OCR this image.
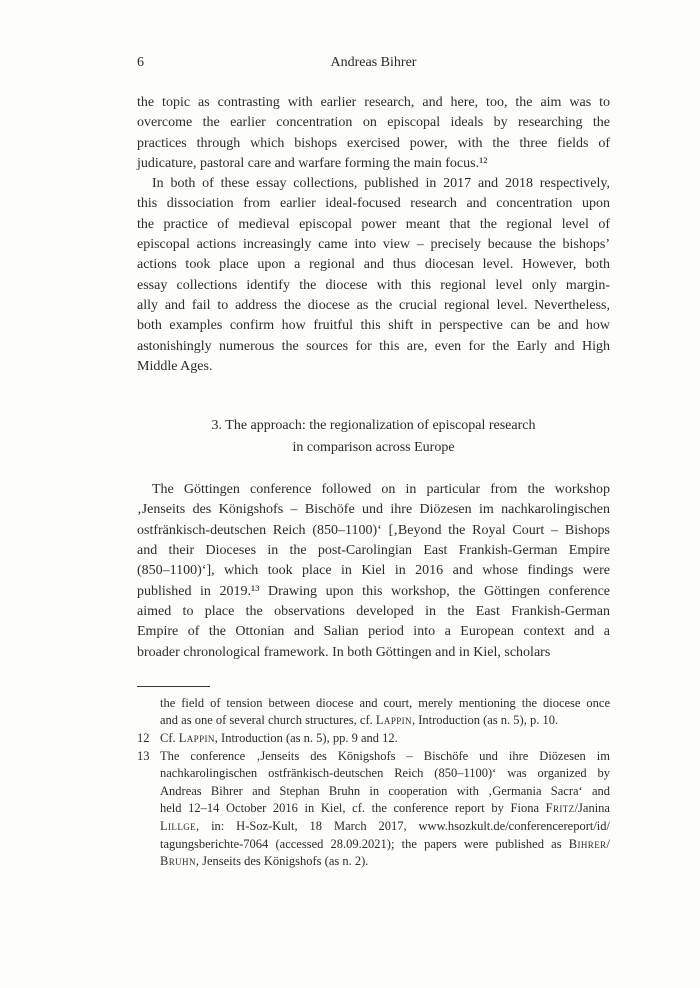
6	Andreas Bihrer
the topic as contrasting with earlier research, and here, too, the aim was to
overcome the earlier concentration on episcopal ideals by researching the
practices through which bishops exercised power, with the three fields of
judicature, pastoral care and warfare forming the main focus.¹²
In both of these essay collections, published in 2017 and 2018 respectively,
this dissociation from earlier ideal-focused research and concentration upon
the practice of medieval episcopal power meant that the regional level of
episcopal actions increasingly came into view – precisely because the bishops’
actions took place upon a regional and thus diocesan level. However, both
essay collections identify the diocese with this regional level only margin-
ally and fail to address the diocese as the crucial regional level. Nevertheless,
both examples confirm how fruitful this shift in perspective can be and how
astonishingly numerous the sources for this are, even for the Early and High
Middle Ages.
3. The approach: the regionalization of episcopal research
in comparison across Europe
The Göttingen conference followed on in particular from the workshop
‚Jenseits des Königshofs – Bischöfe und ihre Diözesen im nachkarolingischen
ostfränkisch-deutschen Reich (850–1100)‘ [‚Beyond the Royal Court – Bishops
and their Dioceses in the post-Carolingian East Frankish-German Empire
(850–1100)‘], which took place in Kiel in 2016 and whose findings were
published in 2019.¹³ Drawing upon this workshop, the Göttingen conference
aimed to place the observations developed in the East Frankish-German
Empire of the Ottonian and Salian period into a European context and a
broader chronological framework. In both Göttingen and in Kiel, scholars
the field of tension between diocese and court, merely mentioning the diocese once
and as one of several church structures, cf. Lappin, Introduction (as n. 5), p. 10.
12 Cf. Lappin, Introduction (as n. 5), pp. 9 and 12.
13 The conference ‚Jenseits des Königshofs – Bischöfe und ihre Diözesen im
nachkarolingischen ostfränkisch-deutschen Reich (850–1100)‘ was organized by
Andreas Bihrer and Stephan Bruhn in cooperation with ‚Germania Sacra‘ and
held 12–14 October 2016 in Kiel, cf. the conference report by Fiona Fritz/Janina
Lillge, in: H-Soz-Kult, 18 March 2017, www.hsozkult.de/conferencereport/id/
tagungsberichte-7064 (accessed 28.09.2021); the papers were published as Bihrer/
Bruhn, Jenseits des Königshofs (as n. 2).
